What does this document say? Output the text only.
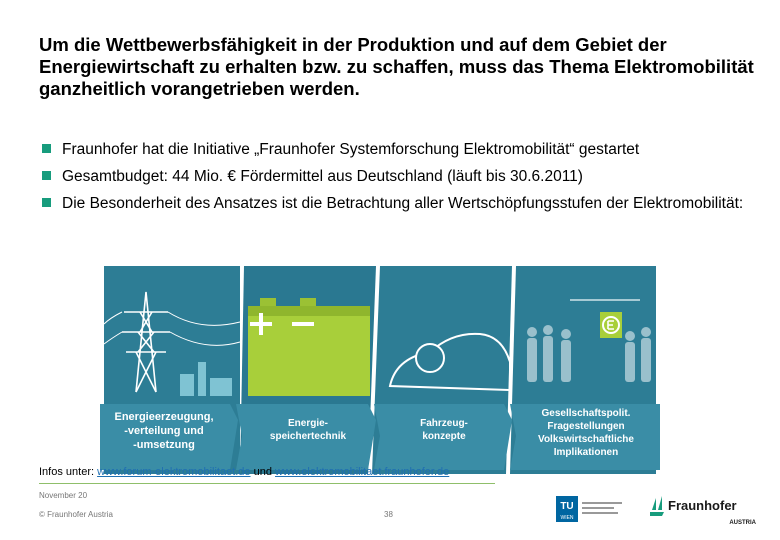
Um die Wettbewerbsfähigkeit in der Produktion und auf dem Gebiet der Energiewirtschaft zu erhalten bzw. zu schaffen, muss das Thema Elektromobilität ganzheitlich vorangetrieben werden.
Fraunhofer hat die Initiative „Fraunhofer Systemforschung Elektromobilität“ gestartet
Gesamtbudget: 44 Mio. € Fördermittel aus Deutschland (läuft bis 30.6.2011)
Die Besonderheit des Ansatzes ist die Betrachtung aller Wertschöpfungsstufen der Elektromobilität:
Energieerzeugung,
-verteilung und
-umsetzung
Energie-
speichertechnik
Fahrzeug-
konzepte
Gesellschaftspolit.
Fragestellungen
Volkswirtschaftliche
Implikationen
Infos unter: www.forum-elektromobilitaet.de und www.elektromobilitaet.fraunhofer.de
November 20
© Fraunhofer Austria	38
TU
WIEN
Fraunhofer
AUSTRIA
